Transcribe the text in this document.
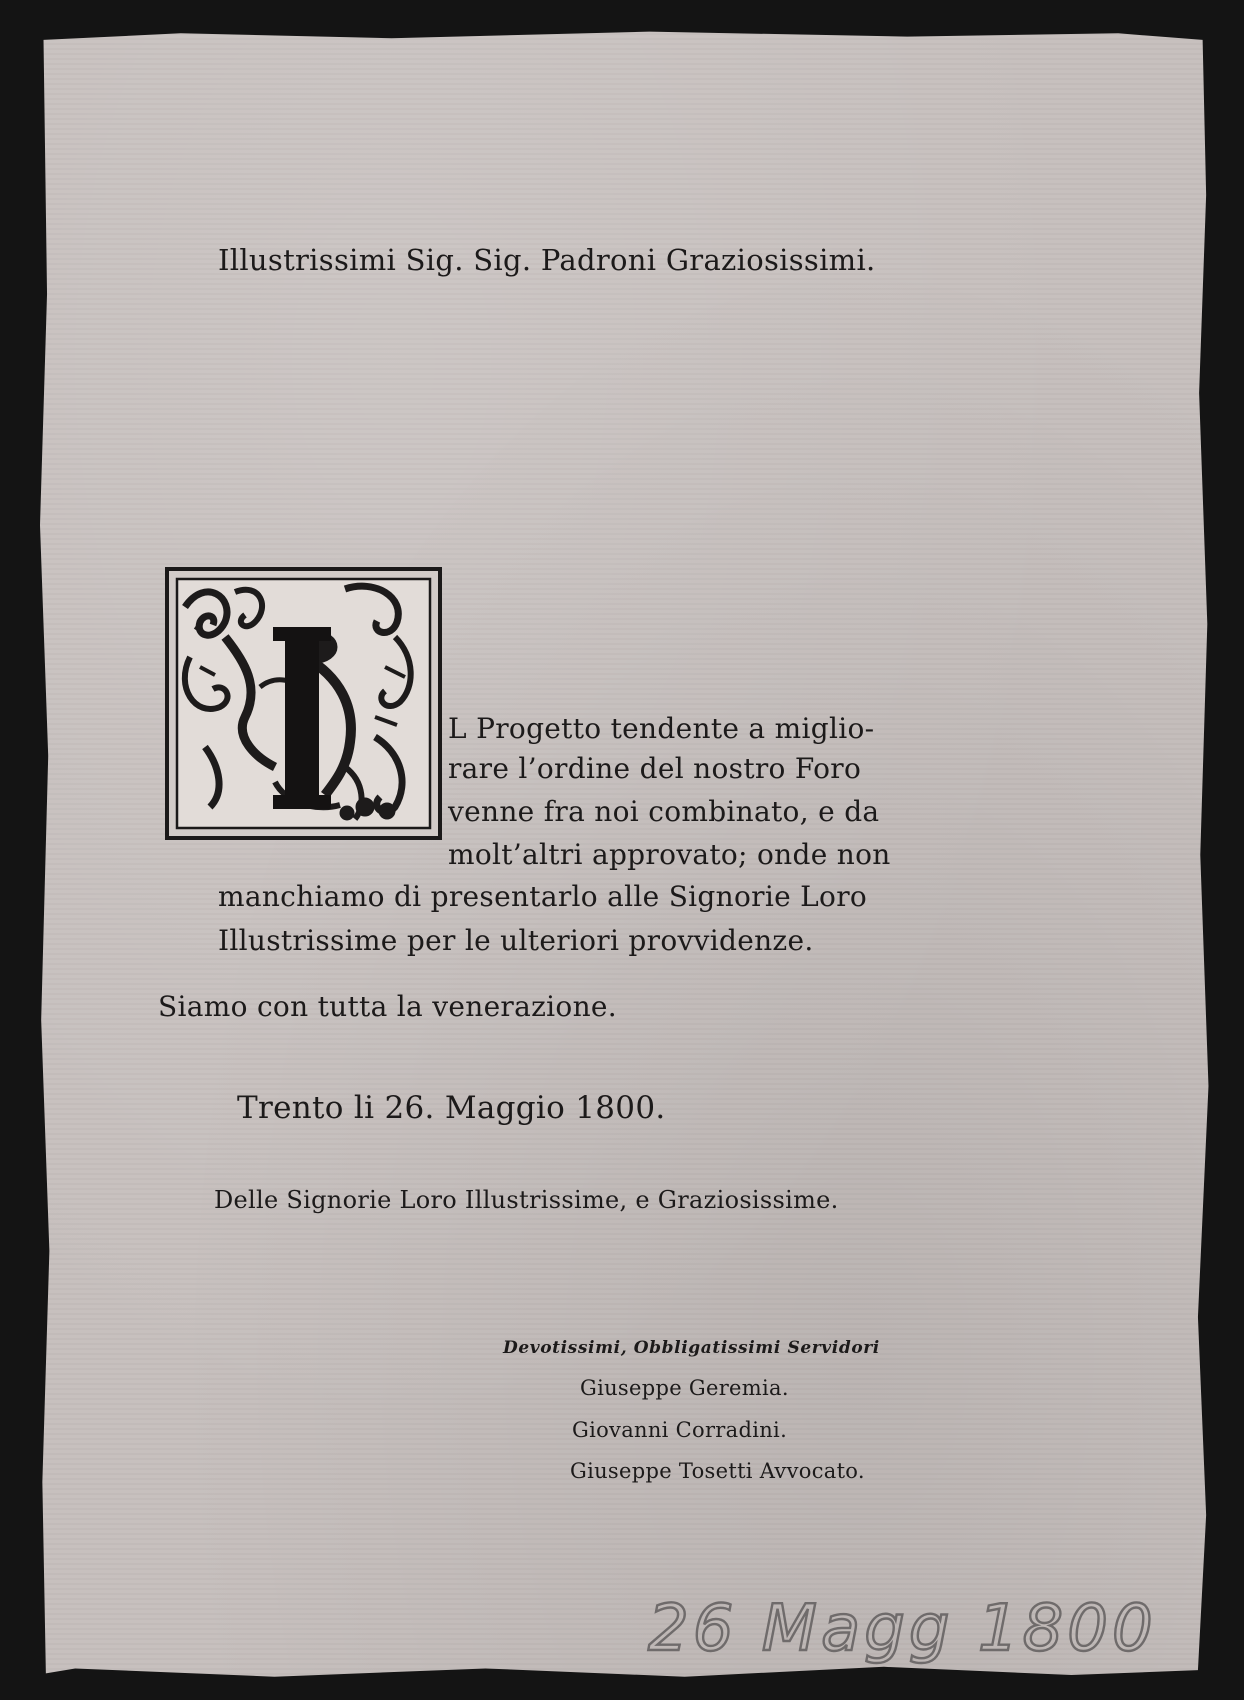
Illustrissimi Sig. Sig. Padroni Graziosissimi.
L Progetto tendente a miglio-
rare l’ordine del nostro Foro
venne fra noi combinato, e da
molt’altri approvato; onde non
manchiamo di presentarlo alle Signorie Loro
Illustrissime per le ulteriori provvidenze.
Siamo con tutta la venerazione.
Trento li 26. Maggio 1800.
Delle Signorie Loro Illustrissime, e Graziosissime.
Devotissimi, Obbligatissimi Servidori
Giuseppe Geremia.
Giovanni Corradini.
Giuseppe Tosetti Avvocato.
26 Magg 1800
